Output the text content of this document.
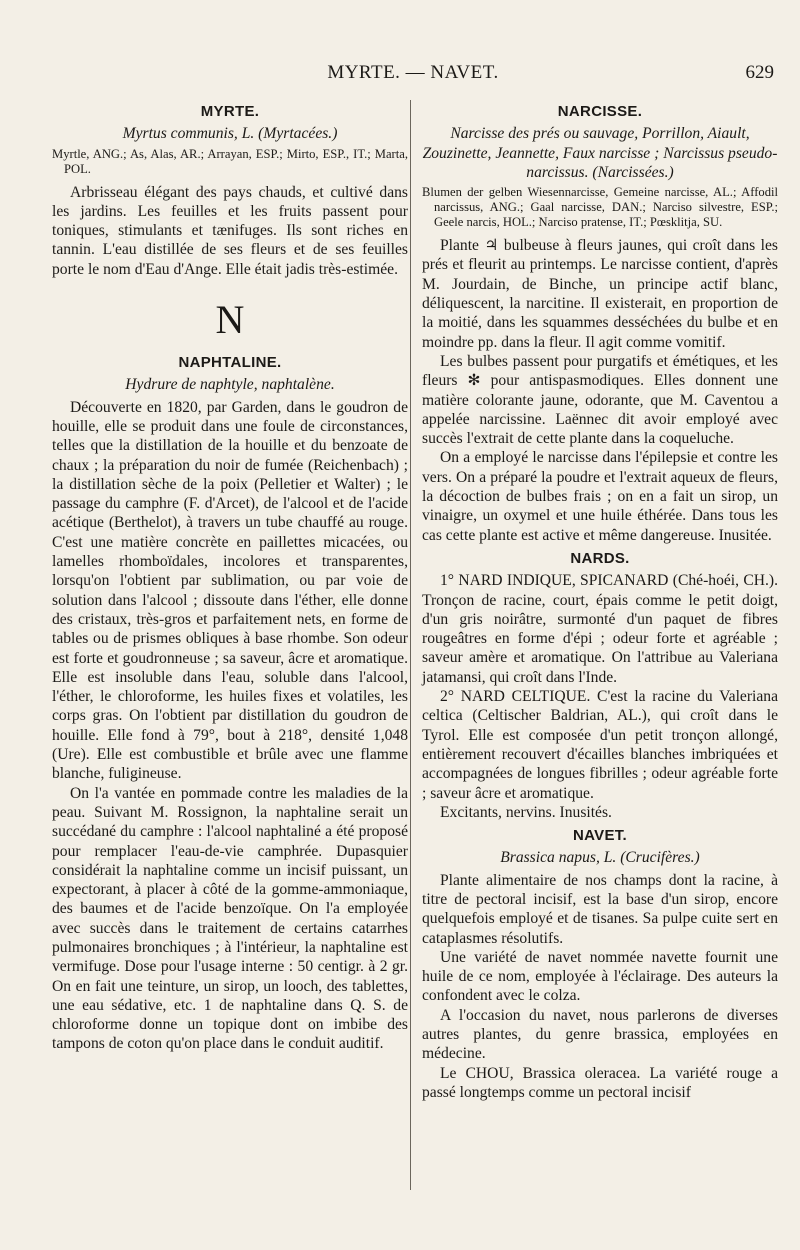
MYRTE. — NAVET.	629
MYRTE.
Myrtus communis, L. (Myrtacées.)

Myrtle, ANG.; As, Alas, AR.; Arrayan, ESP.; Mirto, ESP., IT.; Marta, POL.

Arbrisseau élégant des pays chauds, et cultivé dans les jardins. Les feuilles et les fruits passent pour toniques, stimulants et tænifuges. Ils sont riches en tannin. L'eau distillée de ses fleurs et de ses feuilles porte le nom d'Eau d'Ange. Elle était jadis très-estimée.

N
NAPHTALINE.
Hydrure de naphtyle, naphtalène.

Découverte en 1820, par Garden, dans le goudron de houille, elle se produit dans une foule de circonstances, telles que la distillation de la houille et du benzoate de chaux ; la préparation du noir de fumée (Reichenbach) ; la distillation sèche de la poix (Pelletier et Walter) ; le passage du camphre (F. d'Arcet), de l'alcool et de l'acide acétique (Berthelot), à travers un tube chauffé au rouge. C'est une matière concrète en paillettes micacées, ou lamelles rhomboïdales, incolores et transparentes, lorsqu'on l'obtient par sublimation, ou par voie de solution dans l'alcool ; dissoute dans l'éther, elle donne des cristaux, très-gros et parfaitement nets, en forme de tables ou de prismes obliques à base rhombe. Son odeur est forte et goudronneuse ; sa saveur, âcre et aromatique. Elle est insoluble dans l'eau, soluble dans l'alcool, l'éther, le chloroforme, les huiles fixes et volatiles, les corps gras. On l'obtient par distillation du goudron de houille. Elle fond à 79°, bout à 218°, densité 1,048 (Ure). Elle est combustible et brûle avec une flamme blanche, fuligineuse.

On l'a vantée en pommade contre les maladies de la peau. Suivant M. Rossignon, la naphtaline serait un succédané du camphre : l'alcool naphtaliné a été proposé pour remplacer l'eau-de-vie camphrée. Dupasquier considérait la naphtaline comme un incisif puissant, un expectorant, à placer à côté de la gomme-ammoniaque, des baumes et de l'acide benzoïque. On l'a employée avec succès dans le traitement de certains catarrhes pulmonaires bronchiques ; à l'intérieur, la naphtaline est vermifuge. Dose pour l'usage interne : 50 centigr. à 2 gr. On en fait une teinture, un sirop, un looch, des tablettes, une eau sédative, etc. 1 de naphtaline dans Q. S. de chloroforme donne un topique dont on imbibe des tampons de coton qu'on place dans le conduit auditif.

NARCISSE.
Narcisse des prés ou sauvage, Porrillon, Aiault, Zouzinette, Jeannette, Faux narcisse ; Narcissus pseudo-narcissus. (Narcissées.)

Blumen der gelben Wiesennarcisse, Gemeine narcisse, AL.; Affodil narcissus, ANG.; Gaal narcisse, DAN.; Narciso silvestre, ESP.; Geele narcis, HOL.; Narciso pratense, IT.; Pœsklitja, SU.

Plante ♃ bulbeuse à fleurs jaunes, qui croît dans les prés et fleurit au printemps. Le narcisse contient, d'après M. Jourdain, de Binche, un principe actif blanc, déliquescent, la narcitine. Il existerait, en proportion de la moitié, dans les squammes desséchées du bulbe et en moindre pp. dans la fleur. Il agit comme vomitif.

Les bulbes passent pour purgatifs et émétiques, et les fleurs ✻ pour antispasmodiques. Elles donnent une matière colorante jaune, odorante, que M. Caventou a appelée narcissine. Laënnec dit avoir employé avec succès l'extrait de cette plante dans la coqueluche.

On a employé le narcisse dans l'épilepsie et contre les vers. On a préparé la poudre et l'extrait aqueux de fleurs, la décoction de bulbes frais ; on en a fait un sirop, un vinaigre, un oxymel et une huile éthérée. Dans tous les cas cette plante est active et même dangereuse. Inusitée.

NARDS.

1° NARD INDIQUE, SPICANARD (Ché-hoéi, CH.). Tronçon de racine, court, épais comme le petit doigt, d'un gris noirâtre, surmonté d'un paquet de fibres rougeâtres en forme d'épi ; odeur forte et agréable ; saveur amère et aromatique. On l'attribue au Valeriana jatamansi, qui croît dans l'Inde.

2° NARD CELTIQUE. C'est la racine du Valeriana celtica (Celtischer Baldrian, AL.), qui croît dans le Tyrol. Elle est composée d'un petit tronçon allongé, entièrement recouvert d'écailles blanches imbriquées et accompagnées de longues fibrilles ; odeur agréable forte ; saveur âcre et aromatique.

Excitants, nervins. Inusités.

NAVET.
Brassica napus, L. (Crucifères.)

Plante alimentaire de nos champs dont la racine, à titre de pectoral incisif, est la base d'un sirop, encore quelquefois employé et de tisanes. Sa pulpe cuite sert en cataplasmes résolutifs.

Une variété de navet nommée navette fournit une huile de ce nom, employée à l'éclairage. Des auteurs la confondent avec le colza.

A l'occasion du navet, nous parlerons de diverses autres plantes, du genre brassica, employées en médecine.

Le CHOU, Brassica oleracea. La variété rouge a passé longtemps comme un pectoral incisif
